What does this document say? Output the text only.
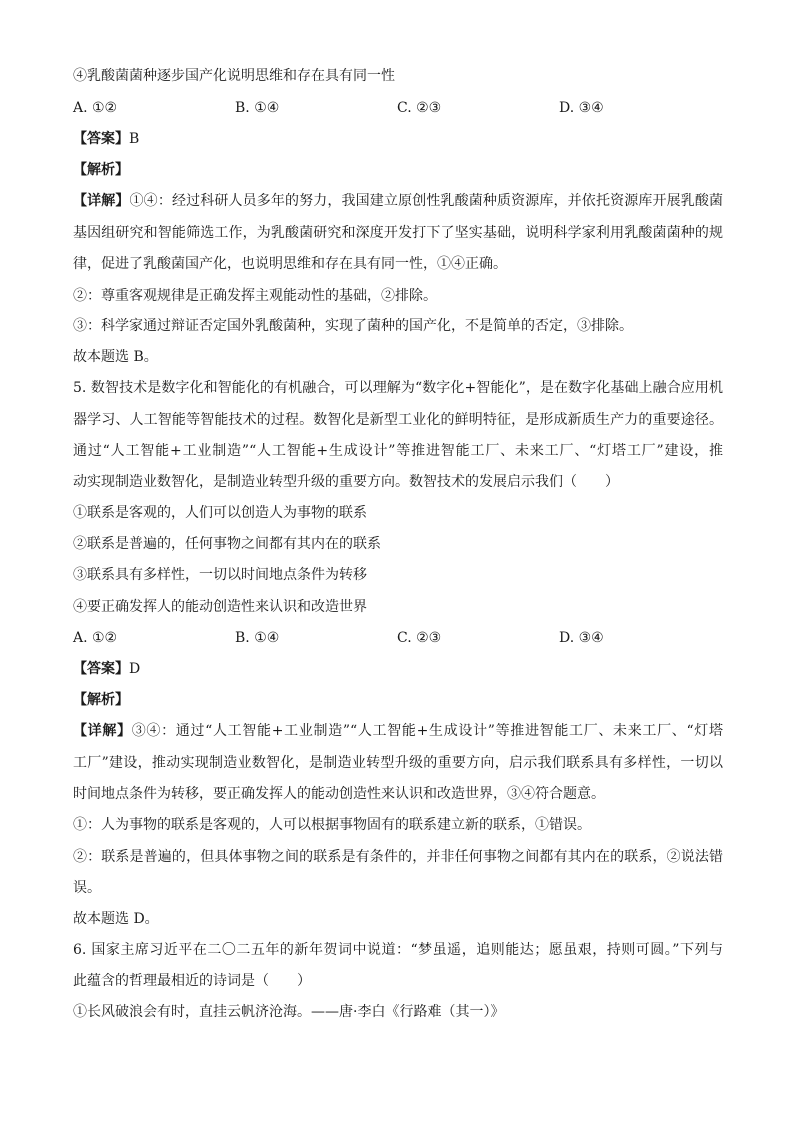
④乳酸菌菌种逐步国产化说明思维和存在具有同一性
A. ①②	B. ①④	C. ②③	D. ③④
【答案】B
【解析】
【详解】①④：经过科研人员多年的努力，我国建立原创性乳酸菌种质资源库，并依托资源库开展乳酸菌
基因组研究和智能筛选工作，为乳酸菌研究和深度开发打下了坚实基础，说明科学家利用乳酸菌菌种的规
律，促进了乳酸菌国产化，也说明思维和存在具有同一性，①④正确。
②：尊重客观规律是正确发挥主观能动性的基础，②排除。
③：科学家通过辩证否定国外乳酸菌种，实现了菌种的国产化，不是简单的否定，③排除。
故本题选 B。
5. 数智技术是数字化和智能化的有机融合，可以理解为“数字化+智能化”，是在数字化基础上融合应用机
器学习、人工智能等智能技术的过程。数智化是新型工业化的鲜明特征，是形成新质生产力的重要途径。
通过“人工智能+工业制造”“人工智能+生成设计”等推进智能工厂、未来工厂、“灯塔工厂”建设，推
动实现制造业数智化，是制造业转型升级的重要方向。数智技术的发展启示我们（　　）
①联系是客观的，人们可以创造人为事物的联系
②联系是普遍的，任何事物之间都有其内在的联系
③联系具有多样性，一切以时间地点条件为转移
④要正确发挥人的能动创造性来认识和改造世界
A. ①②	B. ①④	C. ②③	D. ③④
【答案】D
【解析】
【详解】③④：通过“人工智能+工业制造”“人工智能+生成设计”等推进智能工厂、未来工厂、“灯塔
工厂”建设，推动实现制造业数智化，是制造业转型升级的重要方向，启示我们联系具有多样性，一切以
时间地点条件为转移，要正确发挥人的能动创造性来认识和改造世界，③④符合题意。
①：人为事物的联系是客观的，人可以根据事物固有的联系建立新的联系，①错误。
②：联系是普遍的，但具体事物之间的联系是有条件的，并非任何事物之间都有其内在的联系，②说法错
误。
故本题选 D。
6. 国家主席习近平在二〇二五年的新年贺词中说道：“梦虽遥，追则能达；愿虽艰，持则可圆。”下列与
此蕴含的哲理最相近的诗词是（　　）
①长风破浪会有时，直挂云帆济沧海。——唐·李白《行路难（其一）》
